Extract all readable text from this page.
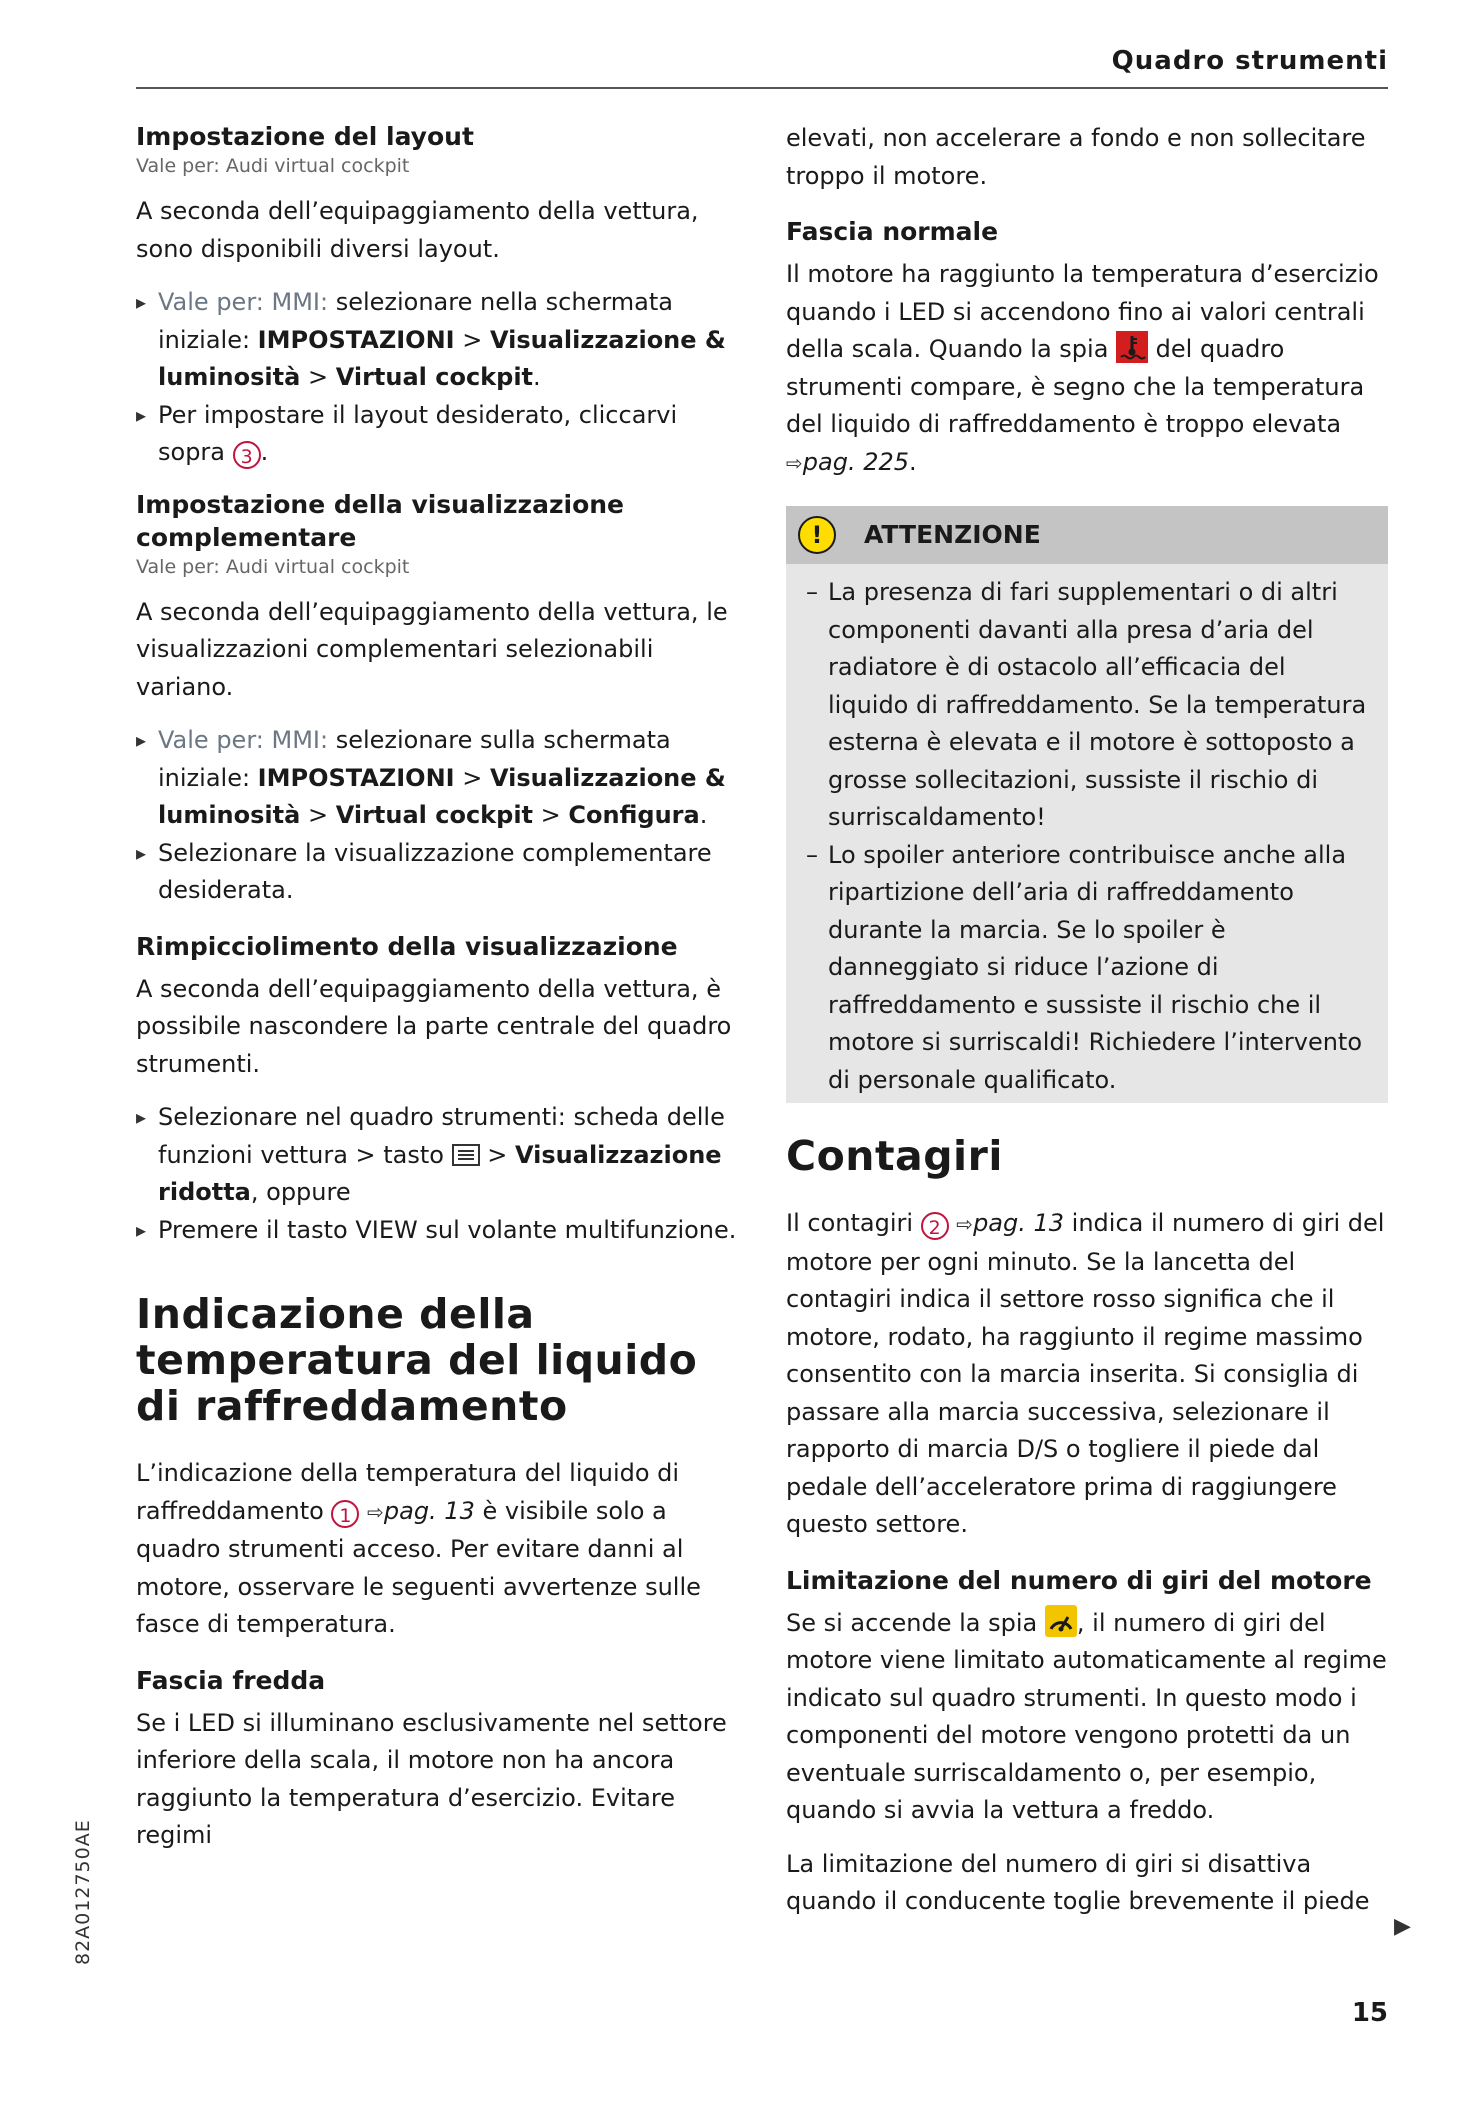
Quadro strumenti
Impostazione del layout
Vale per: Audi virtual cockpit

A seconda dell’equipaggiamento della vettura, sono disponibili diversi layout.

▸ Vale per: MMI: selezionare nella schermata iniziale: IMPOSTAZIONI > Visualizzazione & luminosità > Virtual cockpit.
▸ Per impostare il layout desiderato, cliccarvi sopra 3 .
Impostazione della visualizzazione complementare
Vale per: Audi virtual cockpit

A seconda dell’equipaggiamento della vettura, le visualizzazioni complementari selezionabili variano.

▸ Vale per: MMI: selezionare sulla schermata iniziale: IMPOSTAZIONI > Visualizzazione & luminosità > Virtual cockpit > Configura.
▸ Selezionare la visualizzazione complementare desiderata.
Rimpicciolimento della visualizzazione

A seconda dell’equipaggiamento della vettura, è possibile nascondere la parte centrale del quadro strumenti.

▸ Selezionare nel quadro strumenti: scheda delle funzioni vettura > tasto  > Visualizzazione ridotta, oppure
▸ Premere il tasto VIEW sul volante multifunzione.
Indicazione della temperatura del liquido di raffreddamento

L’indicazione della temperatura del liquido di raffreddamento 1 ⇨pag. 13 è visibile solo a quadro strumenti acceso. Per evitare danni al motore, osservare le seguenti avvertenze sulle fasce di temperatura.

Fascia fredda

Se i LED si illuminano esclusivamente nel settore inferiore della scala, il motore non ha ancora raggiunto la temperatura d’esercizio. Evitare regimi

elevati, non accelerare a fondo e non sollecitare troppo il motore.

Fascia normale

Il motore ha raggiunto la temperatura d’esercizio quando i LED si accendono fino ai valori centrali della scala. Quando la spia
del quadro strumenti compare, è segno che la temperatura del liquido di raffreddamento è troppo elevata ⇨pag. 225.

!	ATTENZIONE
– La presenza di fari supplementari o di altri componenti davanti alla presa d’aria del radiatore è di ostacolo all’efficacia del liquido di raffreddamento. Se la temperatura esterna è elevata e il motore è sottoposto a grosse sollecitazioni, sussiste il rischio di surriscaldamento!
– Lo spoiler anteriore contribuisce anche alla ripartizione dell’aria di raffreddamento durante la marcia. Se lo spoiler è danneggiato si riduce l’azione di raffreddamento e sussiste il rischio che il motore si surriscaldi! Richiedere l’intervento di personale qualificato.
Contagiri

Il contagiri 2 ⇨pag. 13 indica il numero di giri del motore per ogni minuto. Se la lancetta del contagiri indica il settore rosso significa che il motore, rodato, ha raggiunto il regime massimo consentito con la marcia inserita. Si consiglia di passare alla marcia successiva, selezionare il rapporto di marcia D/S o togliere il piede dal pedale dell’acceleratore prima di raggiungere questo settore.

Limitazione del numero di giri del motore

Se si accende la spia
, il numero di giri del motore viene limitato automaticamente al regime indicato sul quadro strumenti. In questo modo i componenti del motore vengono protetti da un eventuale surriscaldamento o, per esempio, quando si avvia la vettura a freddo.

La limitazione del numero di giri si disattiva quando il conducente toglie brevemente il piede

▶
82A012750AE
15
